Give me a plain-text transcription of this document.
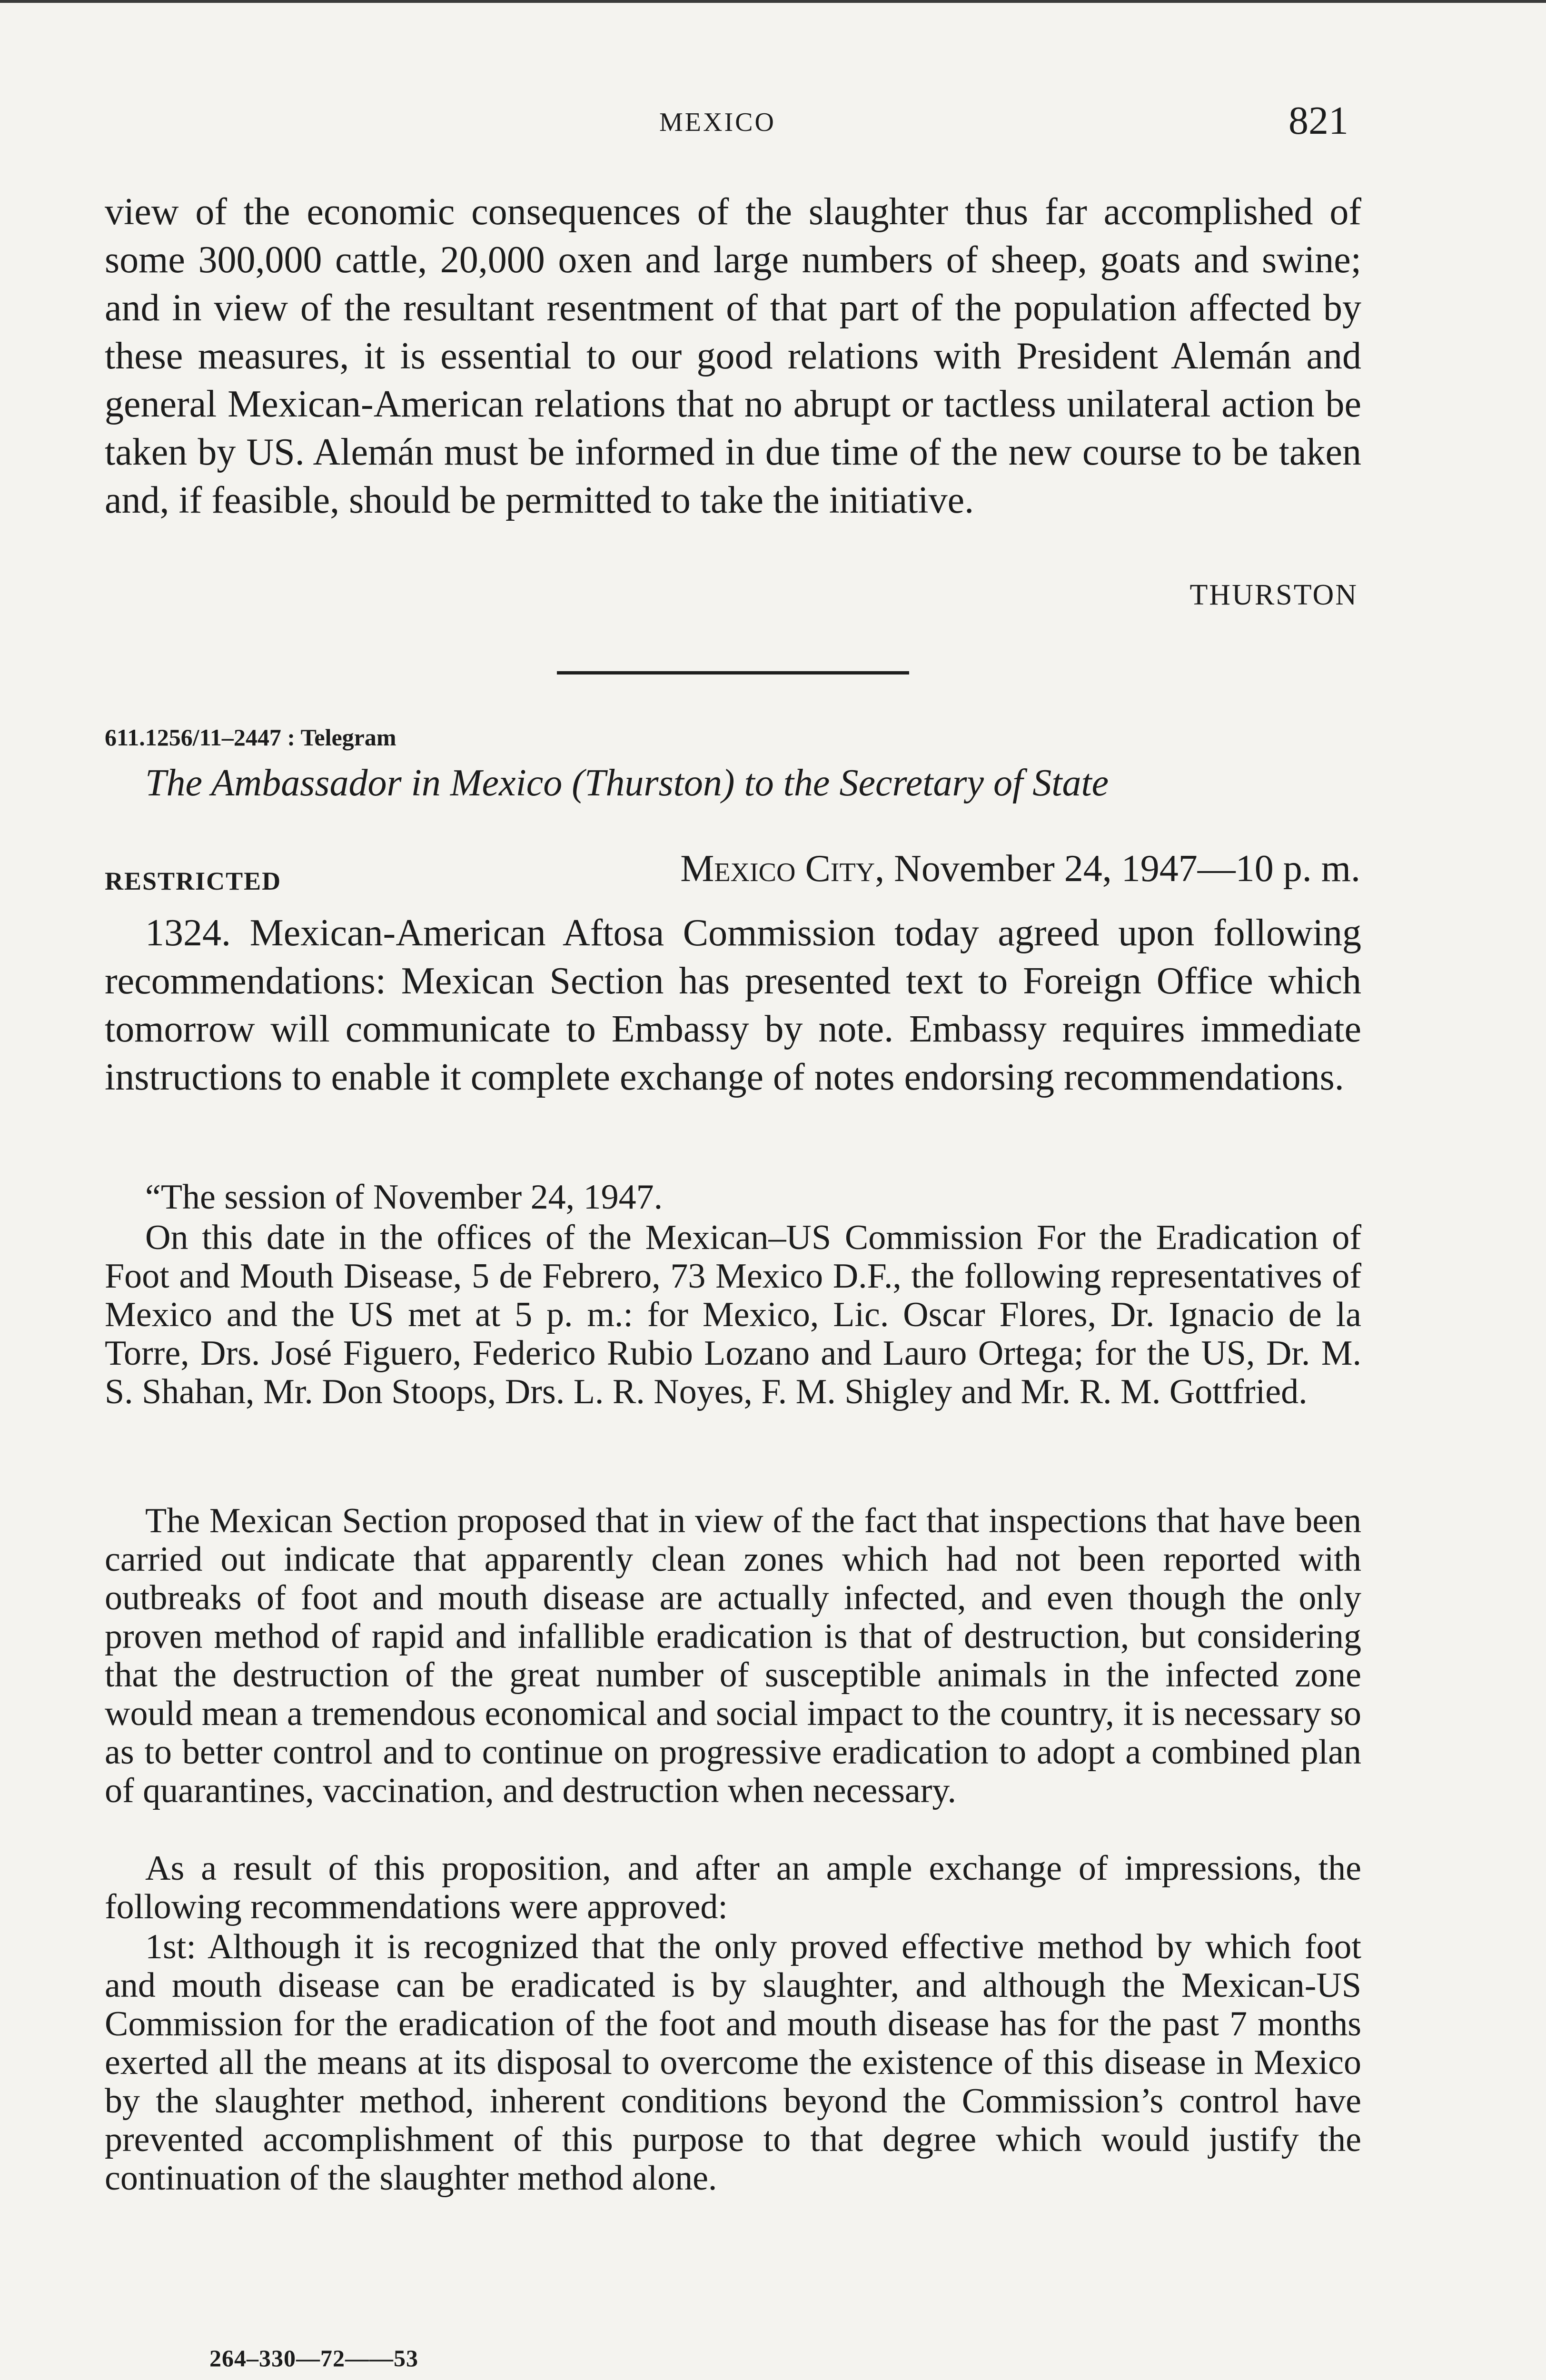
MEXICO	821
view of the economic consequences of the slaughter thus far accomplished of some 300,000 cattle, 20,000 oxen and large numbers of sheep, goats and swine; and in view of the resultant resentment of that part of the population affected by these measures, it is essential to our good relations with President Alemán and general Mexican-American relations that no abrupt or tactless unilateral action be taken by US. Alemán must be informed in due time of the new course to be taken and, if feasible, should be permitted to take the initiative.
THURSTON
611.1256/11–2447 : Telegram
The Ambassador in Mexico (Thurston) to the Secretary of State
RESTRICTED	Mexico City, November 24, 1947—10 p. m.
1324. Mexican-American Aftosa Commission today agreed upon following recommendations: Mexican Section has presented text to Foreign Office which tomorrow will communicate to Embassy by note. Embassy requires immediate instructions to enable it complete exchange of notes endorsing recommendations.
“The session of November 24, 1947.
On this date in the offices of the Mexican–US Commission For the Eradication of Foot and Mouth Disease, 5 de Febrero, 73 Mexico D.F., the following representatives of Mexico and the US met at 5 p. m.: for Mexico, Lic. Oscar Flores, Dr. Ignacio de la Torre, Drs. José Figuero, Federico Rubio Lozano and Lauro Ortega; for the US, Dr. M. S. Shahan, Mr. Don Stoops, Drs. L. R. Noyes, F. M. Shigley and Mr. R. M. Gottfried.
The Mexican Section proposed that in view of the fact that inspections that have been carried out indicate that apparently clean zones which had not been reported with outbreaks of foot and mouth disease are actually infected, and even though the only proven method of rapid and infallible eradication is that of destruction, but considering that the destruction of the great number of susceptible animals in the infected zone would mean a tremendous economical and social impact to the country, it is necessary so as to better control and to continue on progressive eradication to adopt a combined plan of quarantines, vaccination, and destruction when necessary.
As a result of this proposition, and after an ample exchange of impressions, the following recommendations were approved:
1st: Although it is recognized that the only proved effective method by which foot and mouth disease can be eradicated is by slaughter, and although the Mexican-US Commission for the eradication of the foot and mouth disease has for the past 7 months exerted all the means at its disposal to overcome the existence of this disease in Mexico by the slaughter method, inherent conditions beyond the Commission’s control have prevented accomplishment of this purpose to that degree which would justify the continuation of the slaughter method alone.
264–330—72——53
